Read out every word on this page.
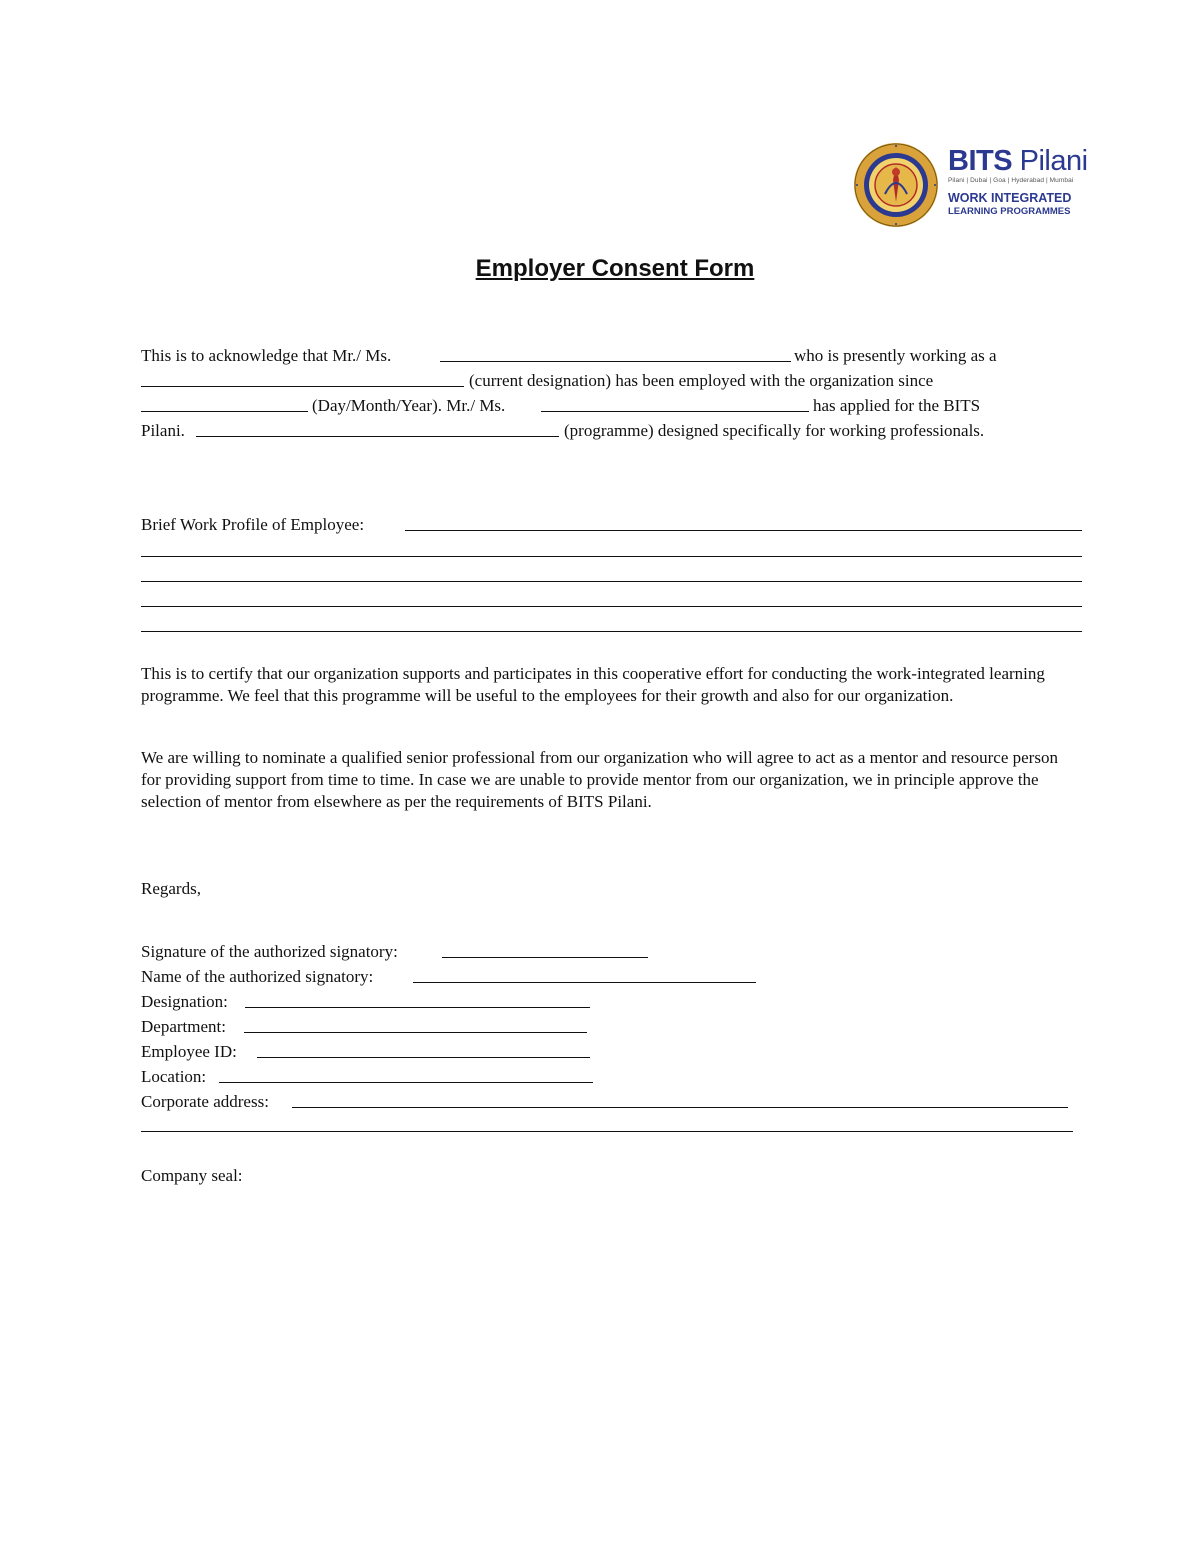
BITS Pilani
Pilani | Dubai | Goa | Hyderabad | Mumbai
WORK INTEGRATED
LEARNING PROGRAMMES
Employer Consent Form
This is to acknowledge that Mr./ Ms.	who is presently working as a
(current designation) has been employed with the organization since
(Day/Month/Year). Mr./ Ms.	has applied for the BITS
Pilani.	(programme) designed specifically for working professionals.
Brief Work Profile of Employee:

This is to certify that our organization supports and participates in this cooperative effort for conducting the work-integrated learning programme. We feel that this programme will be useful to the employees for their growth and also for our organization.

We are willing to nominate a qualified senior professional from our organization who will agree to act as a mentor and resource person for providing support from time to time. In case we are unable to provide mentor from our organization, we in principle approve the selection of mentor from elsewhere as per the requirements of BITS Pilani.

Regards,
Signature of the authorized signatory:
Name of the authorized signatory:
Designation:
Department:
Employee ID:
Location:
Corporate address:
Company seal:
